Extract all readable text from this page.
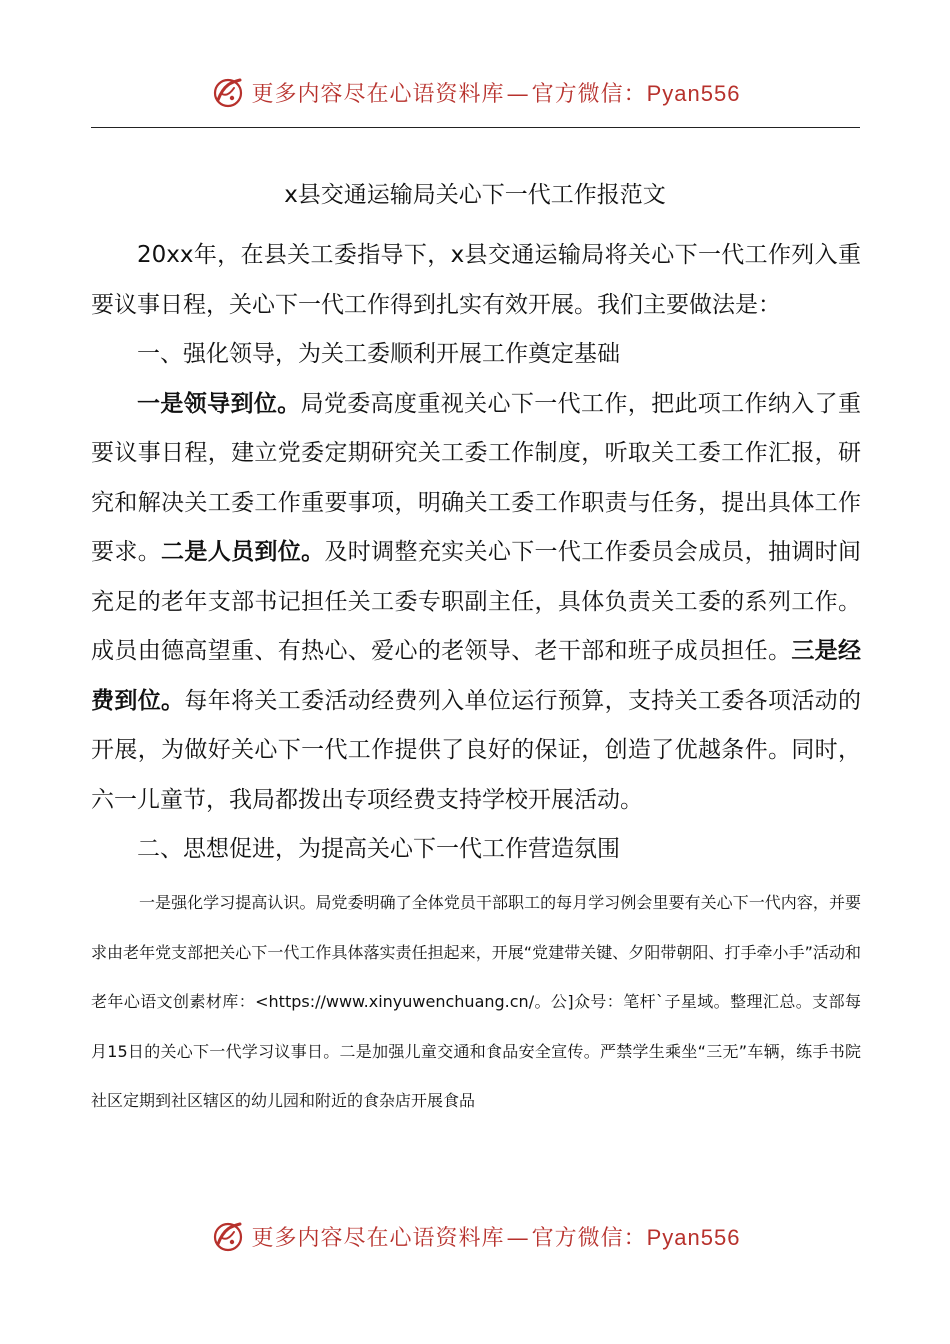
更多内容尽在心语资料库—官方微信：Pyan556
x县交通运输局关心下一代工作报范文

20xx年，在县关工委指导下，x县交通运输局将关心下一代工作列入重要议事日程，关心下一代工作得到扎实有效开展。我们主要做法是：

一、强化领导，为关工委顺利开展工作奠定基础

一是领导到位。局党委高度重视关心下一代工作，把此项工作纳入了重要议事日程，建立党委定期研究关工委工作制度，听取关工委工作汇报，研究和解决关工委工作重要事项，明确关工委工作职责与任务，提出具体工作要求。二是人员到位。及时调整充实关心下一代工作委员会成员，抽调时间充足的老年支部书记担任关工委专职副主任，具体负责关工委的系列工作。成员由德高望重、有热心、爱心的老领导、老干部和班子成员担任。三是经费到位。每年将关工委活动经费列入单位运行预算，支持关工委各项活动的开展，为做好关心下一代工作提供了良好的保证，创造了优越条件。同时，六一儿童节，我局都拨出专项经费支持学校开展活动。

二、思想促进，为提高关心下一代工作营造氛围

一是强化学习提高认识。局党委明确了全体党员干部职工的每月学习例会里要有关心下一代内容，并要求由老年党支部把关心下一代工作具体落实责任担起来，开展“党建带关键、夕阳带朝阳、打手牵小手”活动和老年心语文创素材库：<https://www.xinyuwenchuang.cn/。公]众号：笔杆`子星域。整理汇总。支部每月15日的关心下一代学习议事日。二是加强儿童交通和食品安全宣传。严禁学生乘坐“三无”车辆，练手书院社区定期到社区辖区的幼儿园和附近的食杂店开展食品

更多内容尽在心语资料库—官方微信：Pyan556
